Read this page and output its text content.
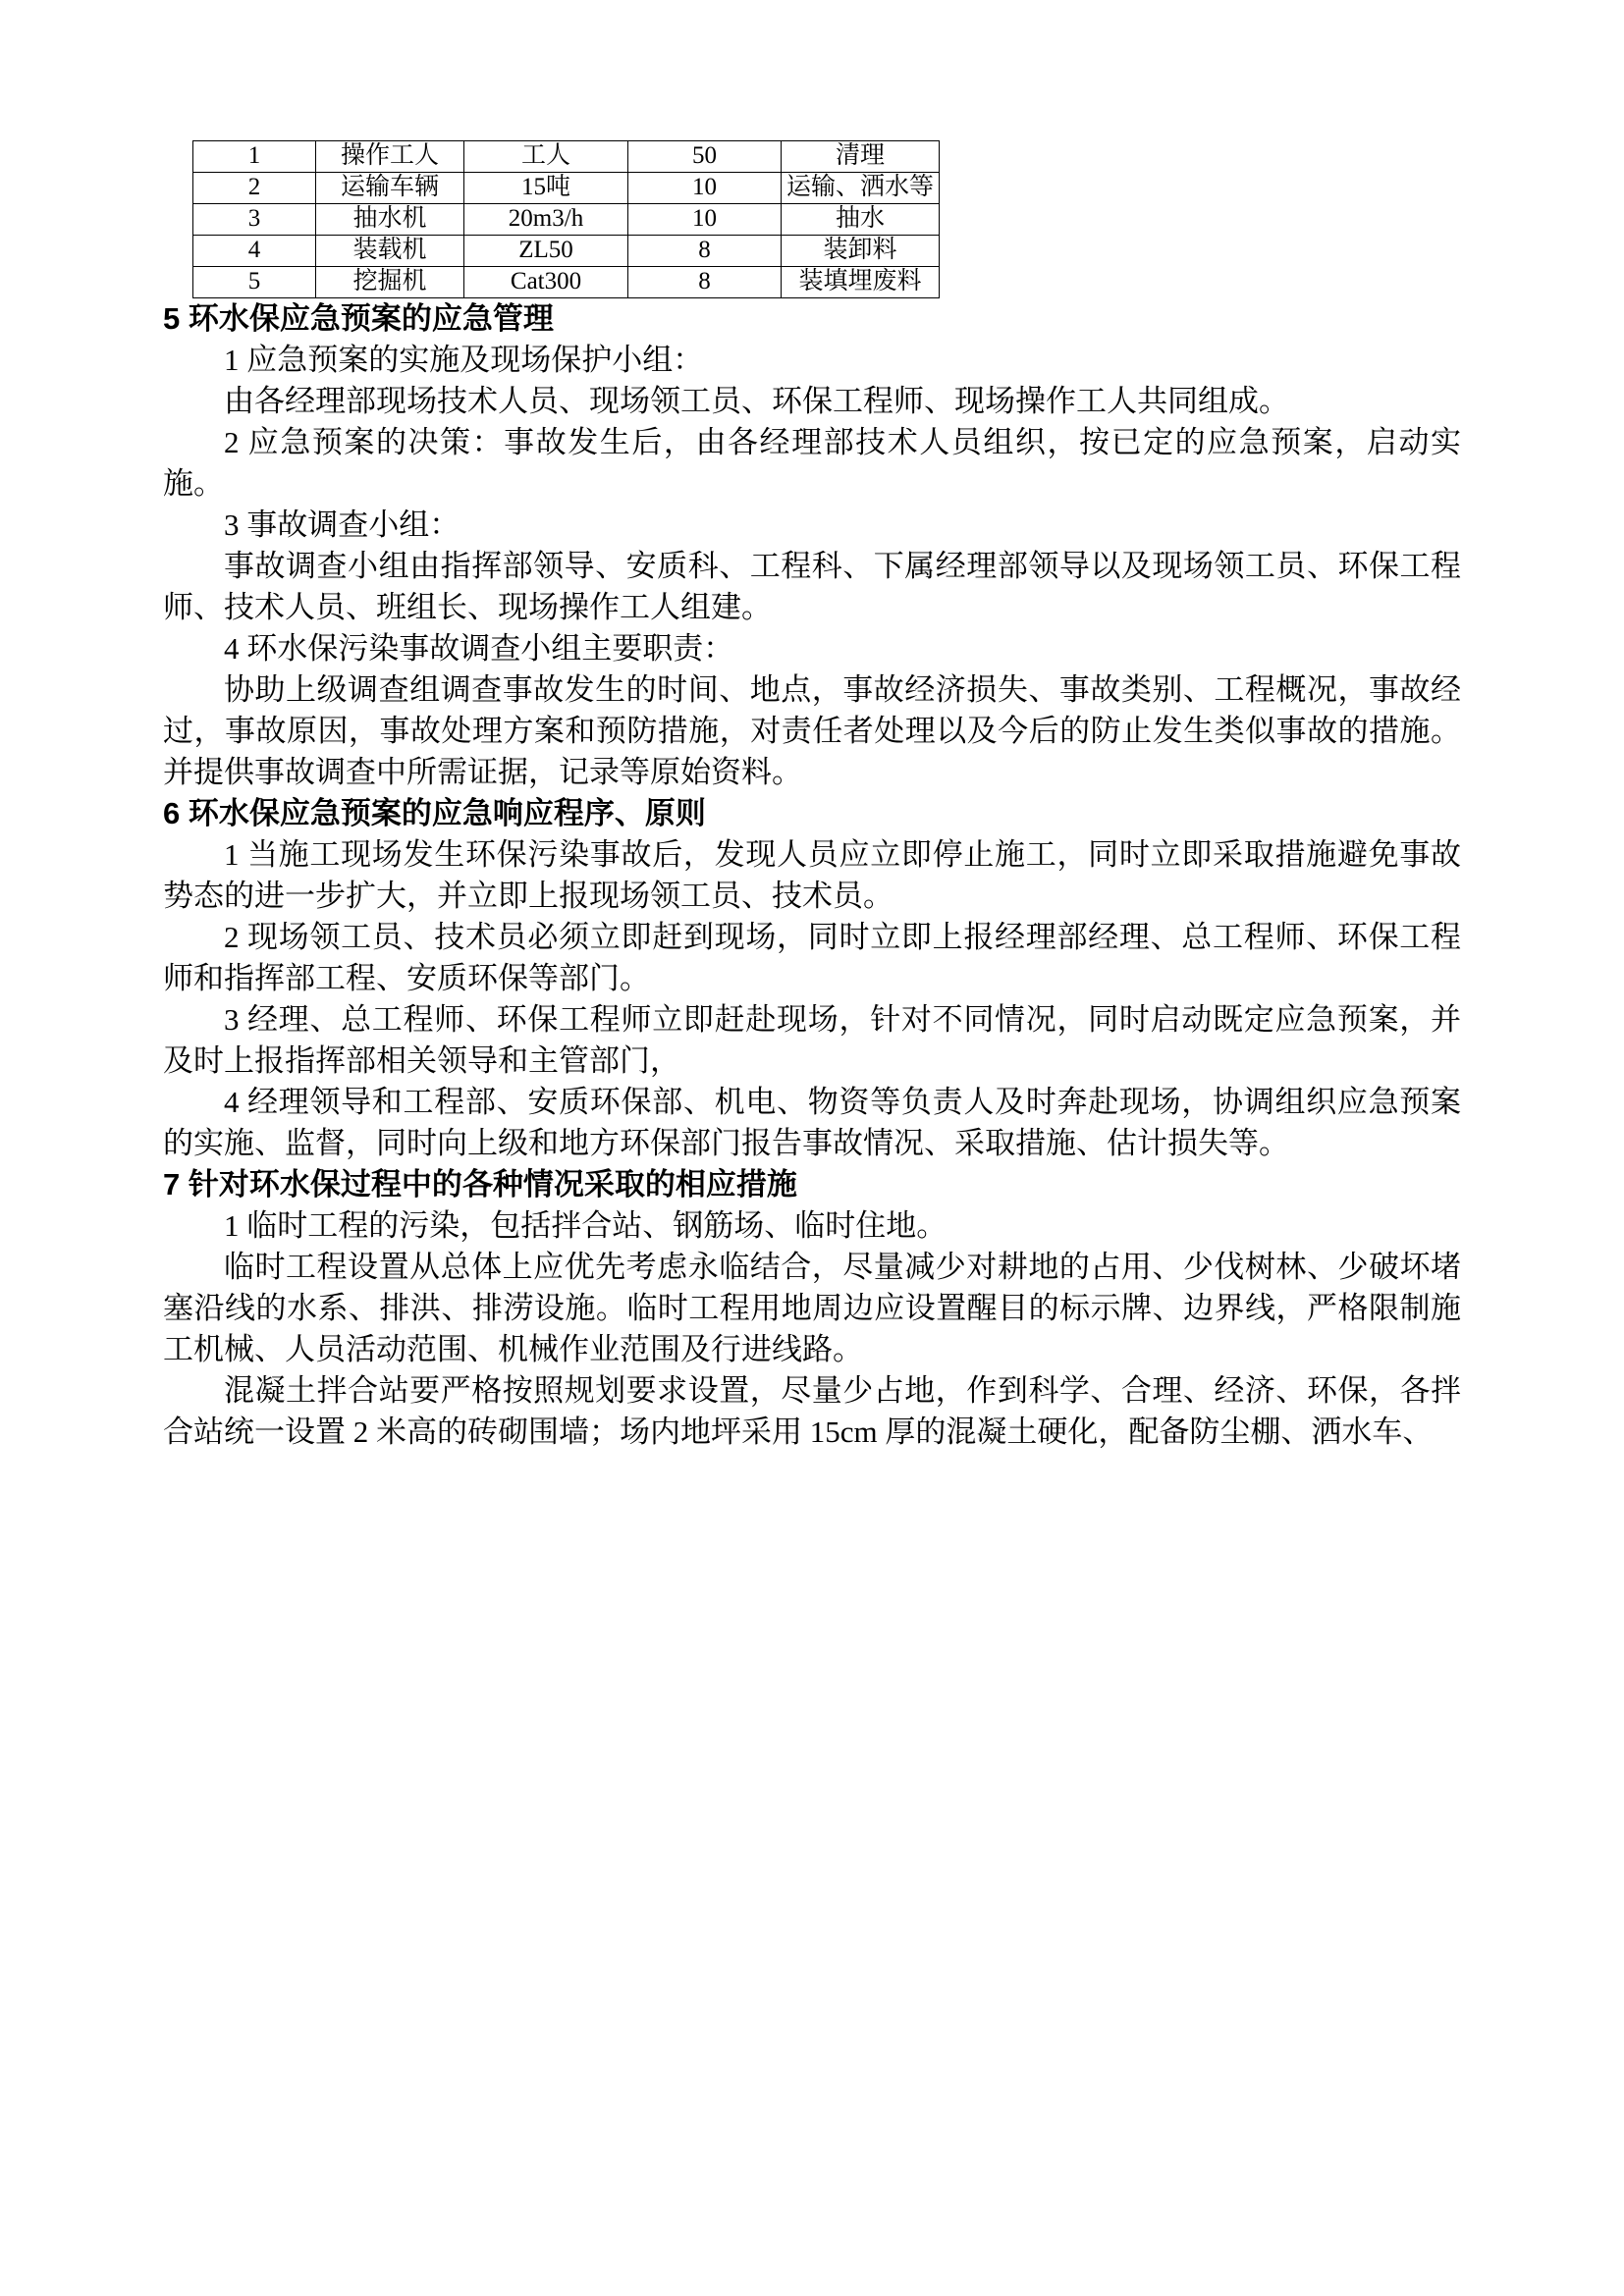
1	操作工人	工人	50	清理
2	运输车辆	15吨	10	运输、洒水等
3	抽水机	20m3/h	10	抽水
4	装载机	ZL50	8	装卸料
5	挖掘机	Cat300	8	装填埋废料
5 环水保应急预案的应急管理

1 应急预案的实施及现场保护小组：

由各经理部现场技术人员、现场领工员、环保工程师、现场操作工人共同组成。

2 应急预案的决策：事故发生后，由各经理部技术人员组织，按已定的应急预案，启动实施。

3 事故调查小组：

事故调查小组由指挥部领导、安质科、工程科、下属经理部领导以及现场领工员、环保工程师、技术人员、班组长、现场操作工人组建。

4 环水保污染事故调查小组主要职责：

协助上级调查组调查事故发生的时间、地点，事故经济损失、事故类别、工程概况，事故经过，事故原因，事故处理方案和预防措施，对责任者处理以及今后的防止发生类似事故的措施。并提供事故调查中所需证据，记录等原始资料。

6 环水保应急预案的应急响应程序、原则

1 当施工现场发生环保污染事故后，发现人员应立即停止施工，同时立即采取措施避免事故势态的进一步扩大，并立即上报现场领工员、技术员。

2 现场领工员、技术员必须立即赶到现场，同时立即上报经理部经理、总工程师、环保工程师和指挥部工程、安质环保等部门。

3 经理、总工程师、环保工程师立即赶赴现场，针对不同情况，同时启动既定应急预案，并及时上报指挥部相关领导和主管部门，

4 经理领导和工程部、安质环保部、机电、物资等负责人及时奔赴现场，协调组织应急预案的实施、监督，同时向上级和地方环保部门报告事故情况、采取措施、估计损失等。

7 针对环水保过程中的各种情况采取的相应措施

1 临时工程的污染，包括拌合站、钢筋场、临时住地。

临时工程设置从总体上应优先考虑永临结合，尽量减少对耕地的占用、少伐树林、少破坏堵塞沿线的水系、排洪、排涝设施。临时工程用地周边应设置醒目的标示牌、边界线，严格限制施工机械、人员活动范围、机械作业范围及行进线路。

混凝土拌合站要严格按照规划要求设置，尽量少占地，作到科学、合理、经济、环保，各拌合站统一设置 2 米高的砖砌围墙；场内地坪采用 15cm 厚的混凝土硬化，配备防尘棚、洒水车、
